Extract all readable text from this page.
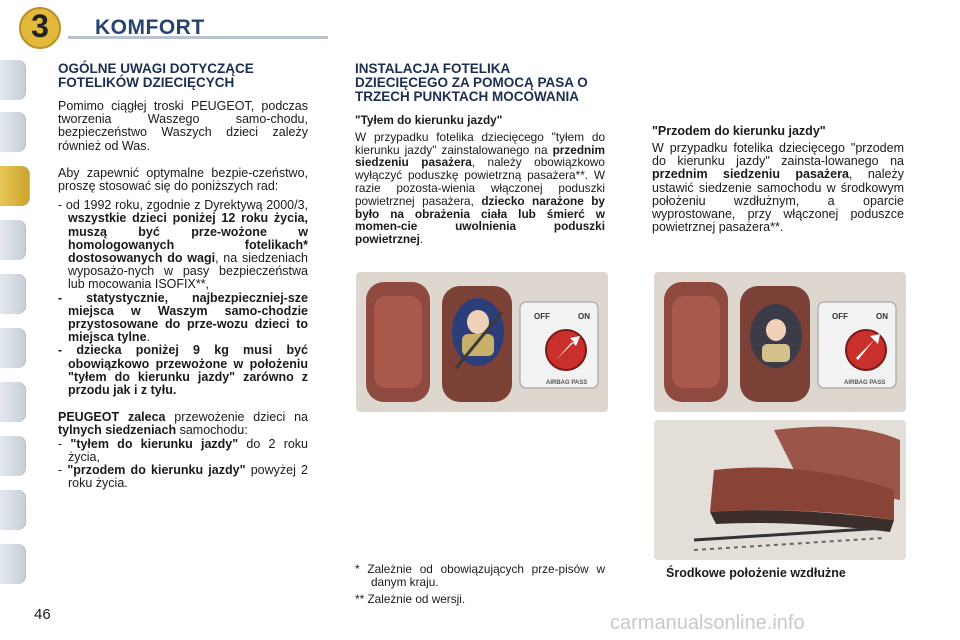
3	KOMFORT
OGÓLNE UWAGI DOTYCZĄCE FOTELIKÓW DZIECIĘCYCH

Pomimo ciągłej troski PEUGEOT, podczas tworzenia Waszego samo-chodu, bezpieczeństwo Waszych dzieci zależy również od Was.

Aby zapewnić optymalne bezpie-czeństwo, proszę stosować się do poniższych rad:

- od 1992 roku, zgodnie z Dyrektywą 2000/3, wszystkie dzieci poniżej 12 roku życia, muszą być prze-wożone w homologowanych fotelikach* dostosowanych do wagi, na siedzeniach wyposażo-nych w pasy bezpieczeństwa lub mocowania ISOFIX**,

- statystycznie, najbezpieczniej-sze miejsca w Waszym samo-chodzie przystosowane do prze-wozu dzieci to miejsca tylne.

- dziecka poniżej 9 kg musi być obowiązkowo przewożone w położeniu "tyłem do kierunku jazdy" zarówno z przodu jak i z tyłu.

PEUGEOT zaleca przewożenie dzieci na tylnych siedzeniach samochodu:

- "tyłem do kierunku jazdy" do 2 roku życia,

- "przodem do kierunku jazdy" powyżej 2 roku życia.

INSTALACJA FOTELIKA DZIECIĘCEGO ZA POMOCĄ PASA O TRZECH PUNKTACH MOCOWANIA

"Tyłem do kierunku jazdy"

W przypadku fotelika dziecięcego "tyłem do kierunku jazdy" zainstalowanego na przednim siedzeniu pasażera, należy obowiązkowo wyłączyć poduszkę powietrzną pasażera**. W razie pozosta-wienia włączonej poduszki powietrznej pasażera, dziecko narażone by było na obrażenia ciała lub śmierć w momen-cie uwolnienia poduszki powietrznej.

"Przodem do kierunku jazdy"

W przypadku fotelika dziecięcego "przodem do kierunku jazdy" zainsta-lowanego na przednim siedzeniu pasażera, należy ustawić siedzenie samochodu w środkowym położeniu wzdłużnym, a oparcie wyprostowane, przy włączonej poduszce powietrznej pasażera**.

OFF	ON
AIRBAG PASS
OFF	ON
AIRBAG PASS
Środkowe położenie wzdłużne

* Zależnie od obowiązujących prze-pisów w danym kraju.

** Zależnie od wersji.

46	carmanualsonline.info
